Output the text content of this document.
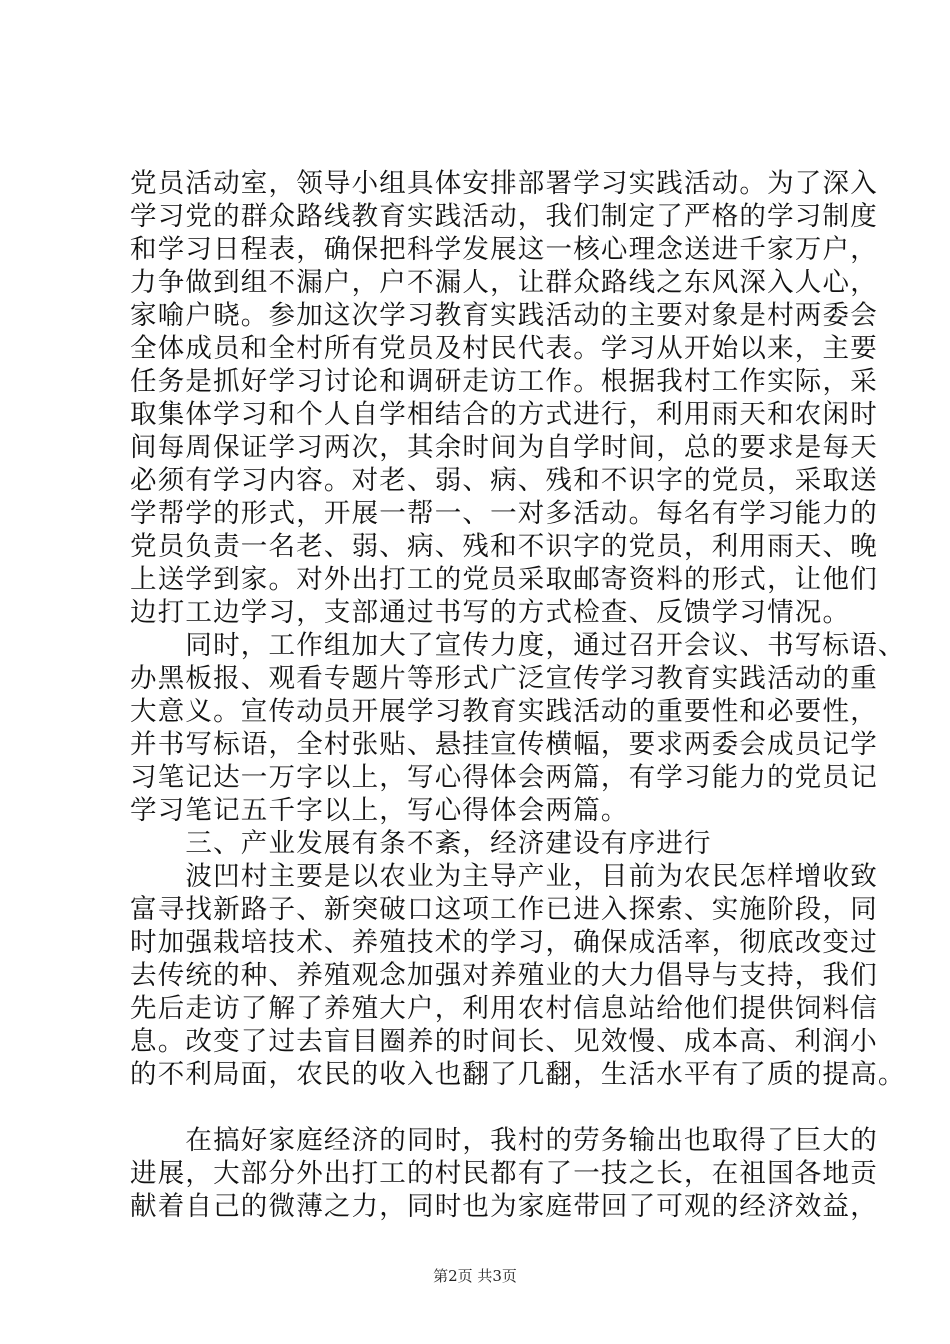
党员活动室，领导小组具体安排部署学习实践活动。为了深入
学习党的群众路线教育实践活动，我们制定了严格的学习制度
和学习日程表，确保把科学发展这一核心理念送进千家万户，
力争做到组不漏户，户不漏人，让群众路线之东风深入人心，
家喻户晓。参加这次学习教育实践活动的主要对象是村两委会
全体成员和全村所有党员及村民代表。学习从开始以来，主要
任务是抓好学习讨论和调研走访工作。根据我村工作实际，采
取集体学习和个人自学相结合的方式进行，利用雨天和农闲时
间每周保证学习两次，其余时间为自学时间，总的要求是每天
必须有学习内容。对老、弱、病、残和不识字的党员，采取送
学帮学的形式，开展一帮一、一对多活动。每名有学习能力的
党员负责一名老、弱、病、残和不识字的党员，利用雨天、晚
上送学到家。对外出打工的党员采取邮寄资料的形式，让他们
边打工边学习，支部通过书写的方式检查、反馈学习情况。
　　同时，工作组加大了宣传力度，通过召开会议、书写标语、
办黑板报、观看专题片等形式广泛宣传学习教育实践活动的重
大意义。宣传动员开展学习教育实践活动的重要性和必要性，
并书写标语，全村张贴、悬挂宣传横幅，要求两委会成员记学
习笔记达一万字以上，写心得体会两篇，有学习能力的党员记
学习笔记五千字以上，写心得体会两篇。
　　三、产业发展有条不紊，经济建设有序进行
　　波凹村主要是以农业为主导产业，目前为农民怎样增收致
富寻找新路子、新突破口这项工作已进入探索、实施阶段，同
时加强栽培技术、养殖技术的学习，确保成活率，彻底改变过
去传统的种、养殖观念加强对养殖业的大力倡导与支持，我们
先后走访了解了养殖大户，利用农村信息站给他们提供饲料信
息。改变了过去盲目圈养的时间长、见效慢、成本高、利润小
的不利局面，农民的收入也翻了几翻，生活水平有了质的提高。
　　在搞好家庭经济的同时，我村的劳务输出也取得了巨大的
进展，大部分外出打工的村民都有了一技之长，在祖国各地贡
献着自己的微薄之力，同时也为家庭带回了可观的经济效益，
第2页 共3页
